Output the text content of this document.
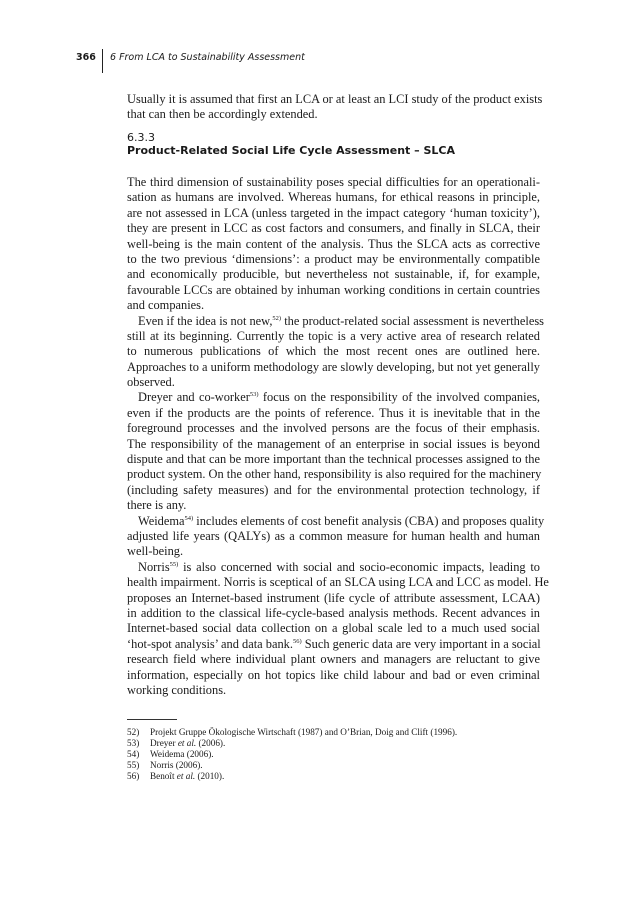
366 6 From LCA to Sustainability Assessment
Usually it is assumed that first an LCA or at least an LCI study of the product exists
that can then be accordingly extended.
6.3.3
Product-Related Social Life Cycle Assessment – SLCA
The third dimension of sustainability poses special difficulties for an operationali-
sation as humans are involved. Whereas humans, for ethical reasons in principle,
are not assessed in LCA (unless targeted in the impact category ‘human toxicity’),
they are present in LCC as cost factors and consumers, and finally in SLCA, their
well-being is the main content of the analysis. Thus the SLCA acts as corrective
to the two previous ‘dimensions’: a product may be environmentally compatible
and economically producible, but nevertheless not sustainable, if, for example,
favourable LCCs are obtained by inhuman working conditions in certain countries
and companies.
Even if the idea is not new,$^{52)}$ the product-related social assessment is nevertheless
still at its beginning. Currently the topic is a very active area of research related
to numerous publications of which the most recent ones are outlined here.
Approaches to a uniform methodology are slowly developing, but not yet generally
observed.
Dreyer and co-worker$^{53)}$ focus on the responsibility of the involved companies,
even if the products are the points of reference. Thus it is inevitable that in the
foreground processes and the involved persons are the focus of their emphasis.
The responsibility of the management of an enterprise in social issues is beyond
dispute and that can be more important than the technical processes assigned to the
product system. On the other hand, responsibility is also required for the machinery
(including safety measures) and for the environmental protection technology, if
there is any.
Weidema$^{54)}$ includes elements of cost benefit analysis (CBA) and proposes quality
adjusted life years (QALYs) as a common measure for human health and human
well-being.
Norris$^{55)}$ is also concerned with social and socio-economic impacts, leading to
health impairment. Norris is sceptical of an SLCA using LCA and LCC as model. He
proposes an Internet-based instrument (life cycle of attribute assessment, LCAA)
in addition to the classical life-cycle-based analysis methods. Recent advances in
Internet-based social data collection on a global scale led to a much used social
‘hot-spot analysis’ and data bank.$^{56)}$ Such generic data are very important in a social
research field where individual plant owners and managers are reluctant to give
information, especially on hot topics like child labour and bad or even criminal
working conditions.
52) Projekt Gruppe Ökologische Wirtschaft (1987) and O’Brian, Doig and Clift (1996).
53) Dreyer et al. (2006).
54) Weidema (2006).
55) Norris (2006).
56) Benoît et al. (2010).
